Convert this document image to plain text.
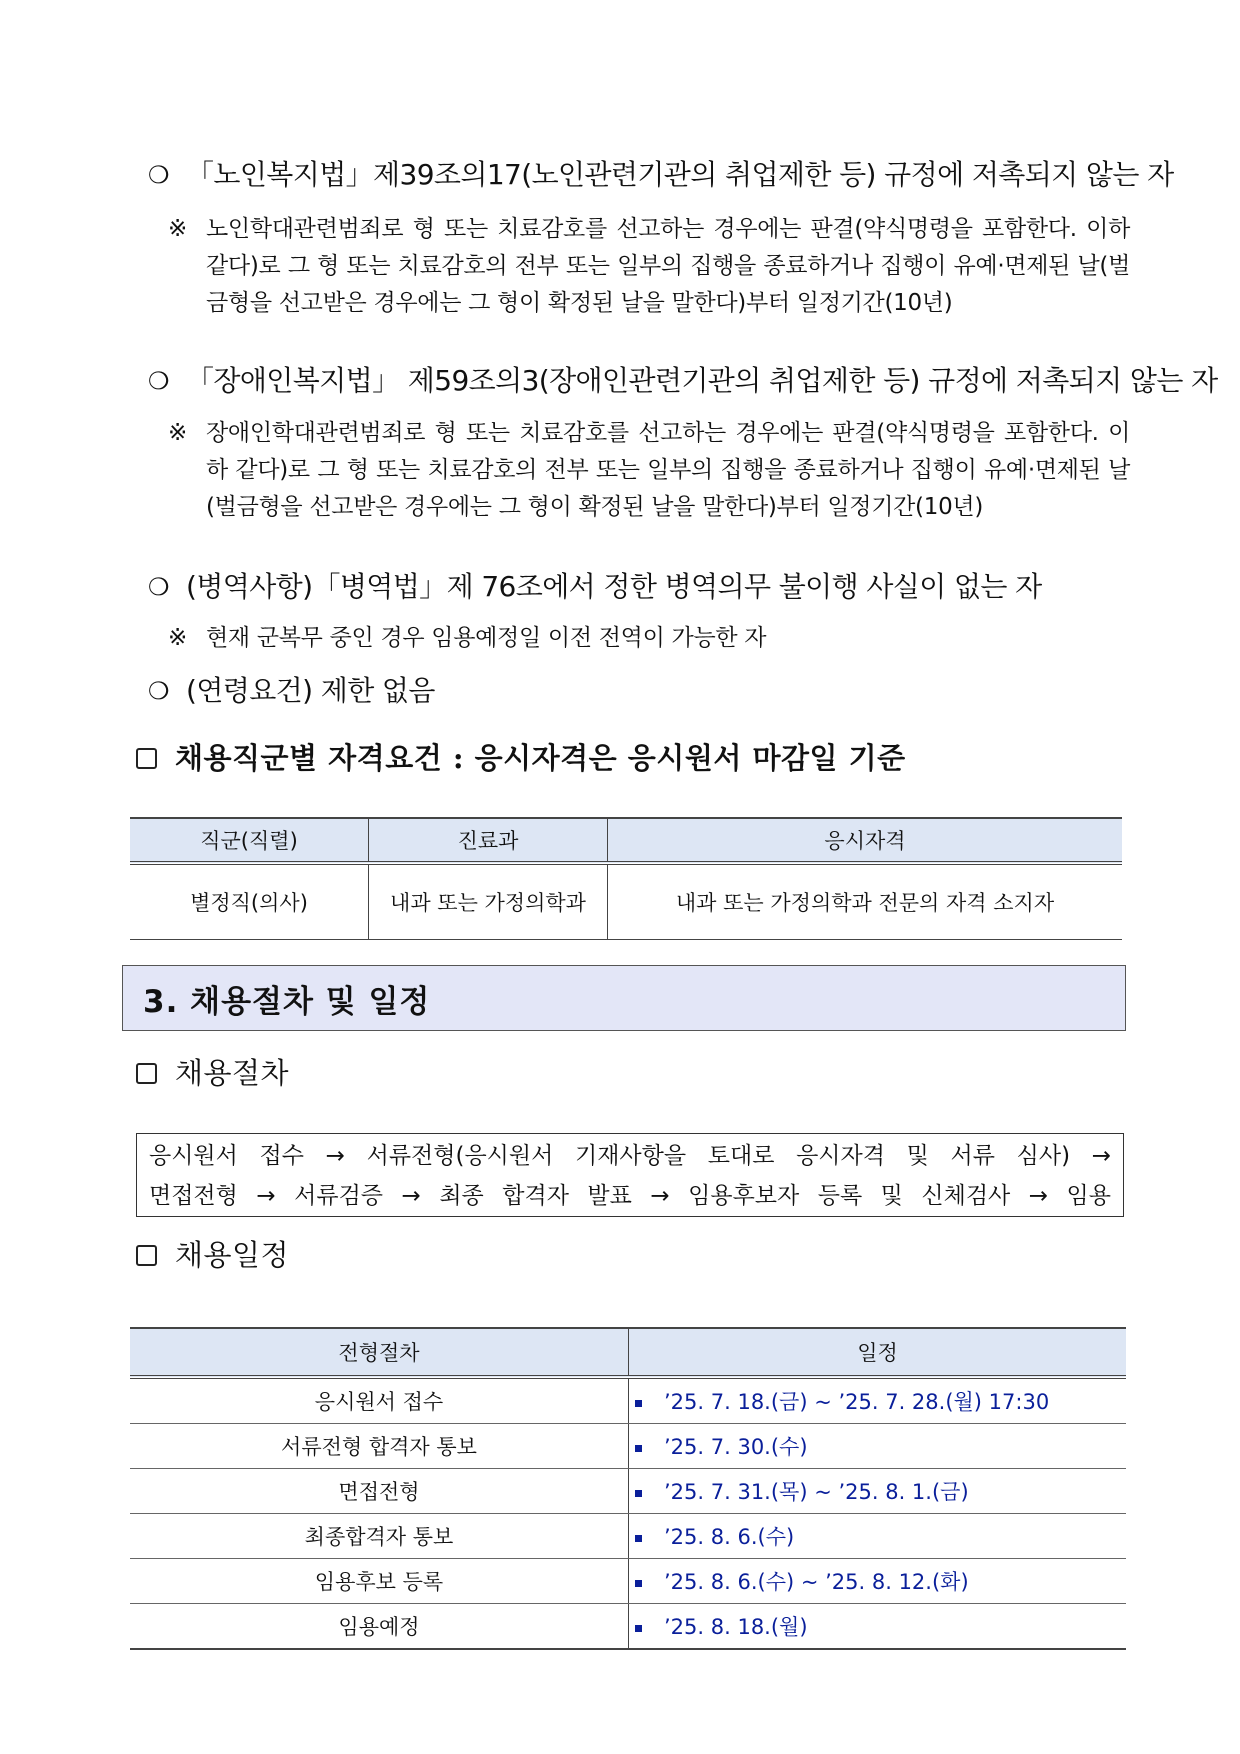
❍ 「노인복지법」제39조의17(노인관련기관의 취업제한 등) 규정에 저촉되지 않는 자
※ 노인학대관련범죄로 형 또는 치료감호를 선고하는 경우에는 판결(약식명령을 포함한다. 이하 같다)로 그 형 또는 치료감호의 전부 또는 일부의 집행을 종료하거나 집행이 유예·면제된 날(벌금형을 선고받은 경우에는 그 형이 확정된 날을 말한다)부터 일정기간(10년)
❍ 「장애인복지법」 제59조의3(장애인관련기관의 취업제한 등) 규정에 저촉되지 않는 자
※ 장애인학대관련범죄로 형 또는 치료감호를 선고하는 경우에는 판결(약식명령을 포함한다. 이하 같다)로 그 형 또는 치료감호의 전부 또는 일부의 집행을 종료하거나 집행이 유예·면제된 날(벌금형을 선고받은 경우에는 그 형이 확정된 날을 말한다)부터 일정기간(10년)
❍ (병역사항)「병역법」제 76조에서 정한 병역의무 불이행 사실이 없는 자
※ 현재 군복무 중인 경우 임용예정일 이전 전역이 가능한 자
❍ (연령요건) 제한 없음
채용직군별 자격요건 : 응시자격은 응시원서 마감일 기준
직군(직렬)	진료과	응시자격
별정직(의사)	내과 또는 가정의학과	내과 또는 가정의학과 전문의 자격 소지자
3. 채용절차 및 일정
채용절차
응시원서 접수 → 서류전형(응시원서 기재사항을 토대로 응시자격 및 서류 심사) →
면접전형 → 서류검증 → 최종 합격자 발표 → 임용후보자 등록 및 신체검사 → 임용
채용일정
전형절차	일정
응시원서 접수	’25. 7. 18.(금) ~ ’25. 7. 28.(월) 17:30
서류전형 합격자 통보	’25. 7. 30.(수)
면접전형	’25. 7. 31.(목) ~ ’25. 8. 1.(금)
최종합격자 통보	’25. 8. 6.(수)
임용후보 등록	’25. 8. 6.(수) ~ ’25. 8. 12.(화)
임용예정	’25. 8. 18.(월)
